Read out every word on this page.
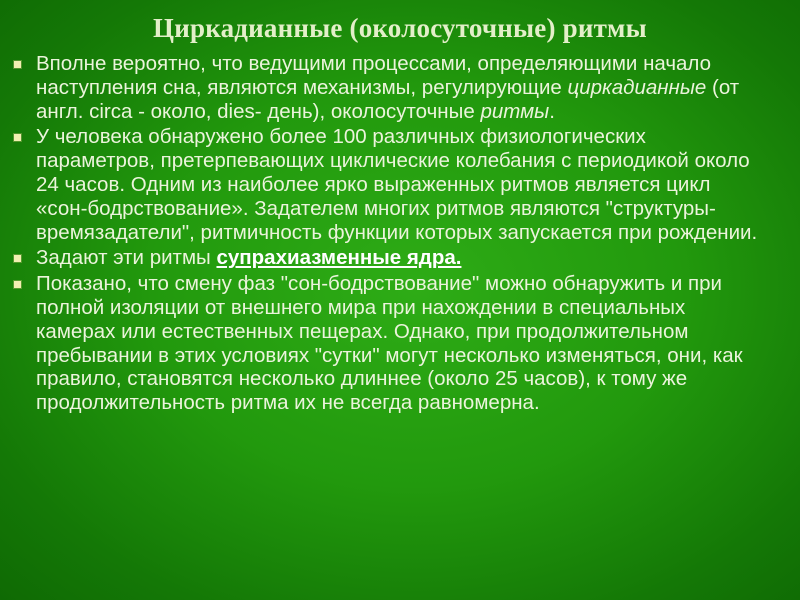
Циркадианные (околосуточные) ритмы
Вполне вероятно, что ведущими процессами, определяющими начало наступления сна, являются механизмы, регулирующие циркадианные (от англ. circa - около, dies- день), околосуточные ритмы.
У человека обнаружено более 100 различных физиологических параметров, претерпевающих циклические колебания с периодикой около 24 часов. Одним из наиболее ярко выраженных ритмов является цикл «сон-бодрствование». Задателем многих ритмов являются "структуры-времязадатели", ритмичность функции которых запускается при рождении.
Задают эти ритмы супрахиазменные ядра.
Показано, что смену фаз "сон-бодрствование" можно обнаружить и при полной изоляции от внешнего мира при нахождении в специальных камерах или естественных пещерах. Однако, при продолжительном пребывании в этих условиях "сутки" могут несколько изменяться, они, как правило, становятся несколько длиннее (около 25 часов), к тому же продолжительность ритма их не всегда равномерна.
